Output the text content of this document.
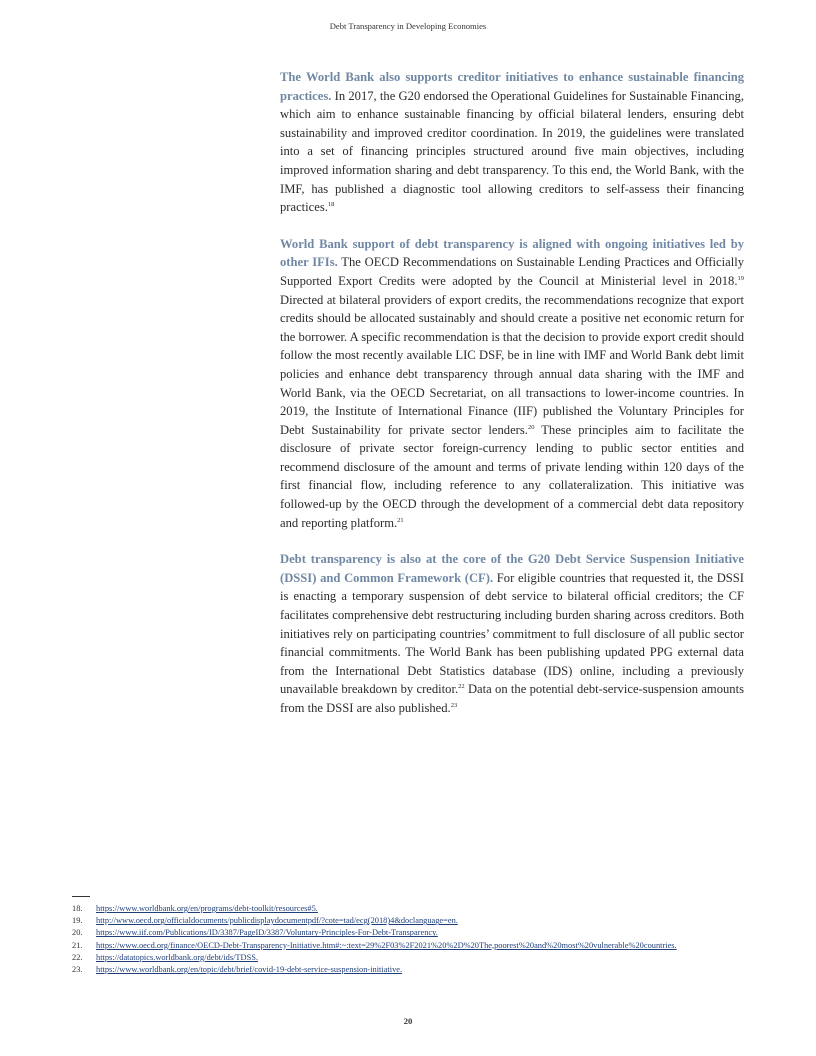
Debt Transparency in Developing Economies

The World Bank also supports creditor initiatives to enhance sustainable financing practices. In 2017, the G20 endorsed the Operational Guidelines for Sustainable Financing, which aim to enhance sustainable financing by official bilateral lenders, ensuring debt sustainability and improved creditor coordination. In 2019, the guidelines were translated into a set of financing principles structured around five main objectives, including improved information sharing and debt transparency. To this end, the World Bank, with the IMF, has published a diagnostic tool allowing creditors to self-assess their financing practices.$^{18}$

World Bank support of debt transparency is aligned with ongoing initiatives led by other IFIs. The OECD Recommendations on Sustainable Lending Practices and Officially Supported Export Credits were adopted by the Council at Ministerial level in 2018.19 Directed at bilateral providers of export credits, the recommendations recognize that export credits should be allocated sustainably and should create a positive net economic return for the borrower. A specific recommendation is that the decision to provide export credit should follow the most recently available LIC DSF, be in line with IMF and World Bank debt limit policies and enhance debt transparency through annual data sharing with the IMF and World Bank, via the OECD Secretariat, on all transactions to lower-income countries. In 2019, the Institute of International Finance (IIF) published the Voluntary Principles for Debt Sustainability for private sector lenders.$^{20}$ These principles aim to facilitate the disclosure of private sector foreign-currency lending to public sector entities and recommend disclosure of the amount and terms of private lending within 120 days of the first financial flow, including reference to any collateralization. This initiative was followed-up by the OECD through the development of a commercial debt data repository and reporting platform.$^{21}$

Debt transparency is also at the core of the G20 Debt Service Suspension Initiative (DSSI) and Common Framework (CF). For eligible countries that requested it, the DSSI is enacting a temporary suspension of debt service to bilateral official creditors; the CF facilitates comprehensive debt restructuring including burden sharing across creditors. Both initiatives rely on participating countries’ commitment to full disclosure of all public sector financial commitments. The World Bank has been publishing updated PPG external data from the International Debt Statistics database (IDS) online, including a previously unavailable breakdown by creditor.$^{22}$ Data on the potential debt-service-suspension amounts from the DSSI are also published.$^{23}$

18.	https://www.worldbank.org/en/programs/debt-toolkit/resources#5.
19.	http://www.oecd.org/officialdocuments/publicdisplaydocumentpdf/?cote=tad/ecg(2018)4&doclanguage=en.
20.	https://www.iif.com/Publications/ID/3387/PageID/3387/Voluntary-Principles-For-Debt-Transparency.
21.	https://www.oecd.org/finance/OECD-Debt-Transparency-Initiative.htm#:~:text=29%2F03%2F2021%20%2D%20The,poorest%20and%20most%20vulnerable%20countries.
22.	https://datatopics.worldbank.org/debt/ids/TDSS.
23.	https://www.worldbank.org/en/topic/debt/brief/covid-19-debt-service-suspension-initiative.
20
